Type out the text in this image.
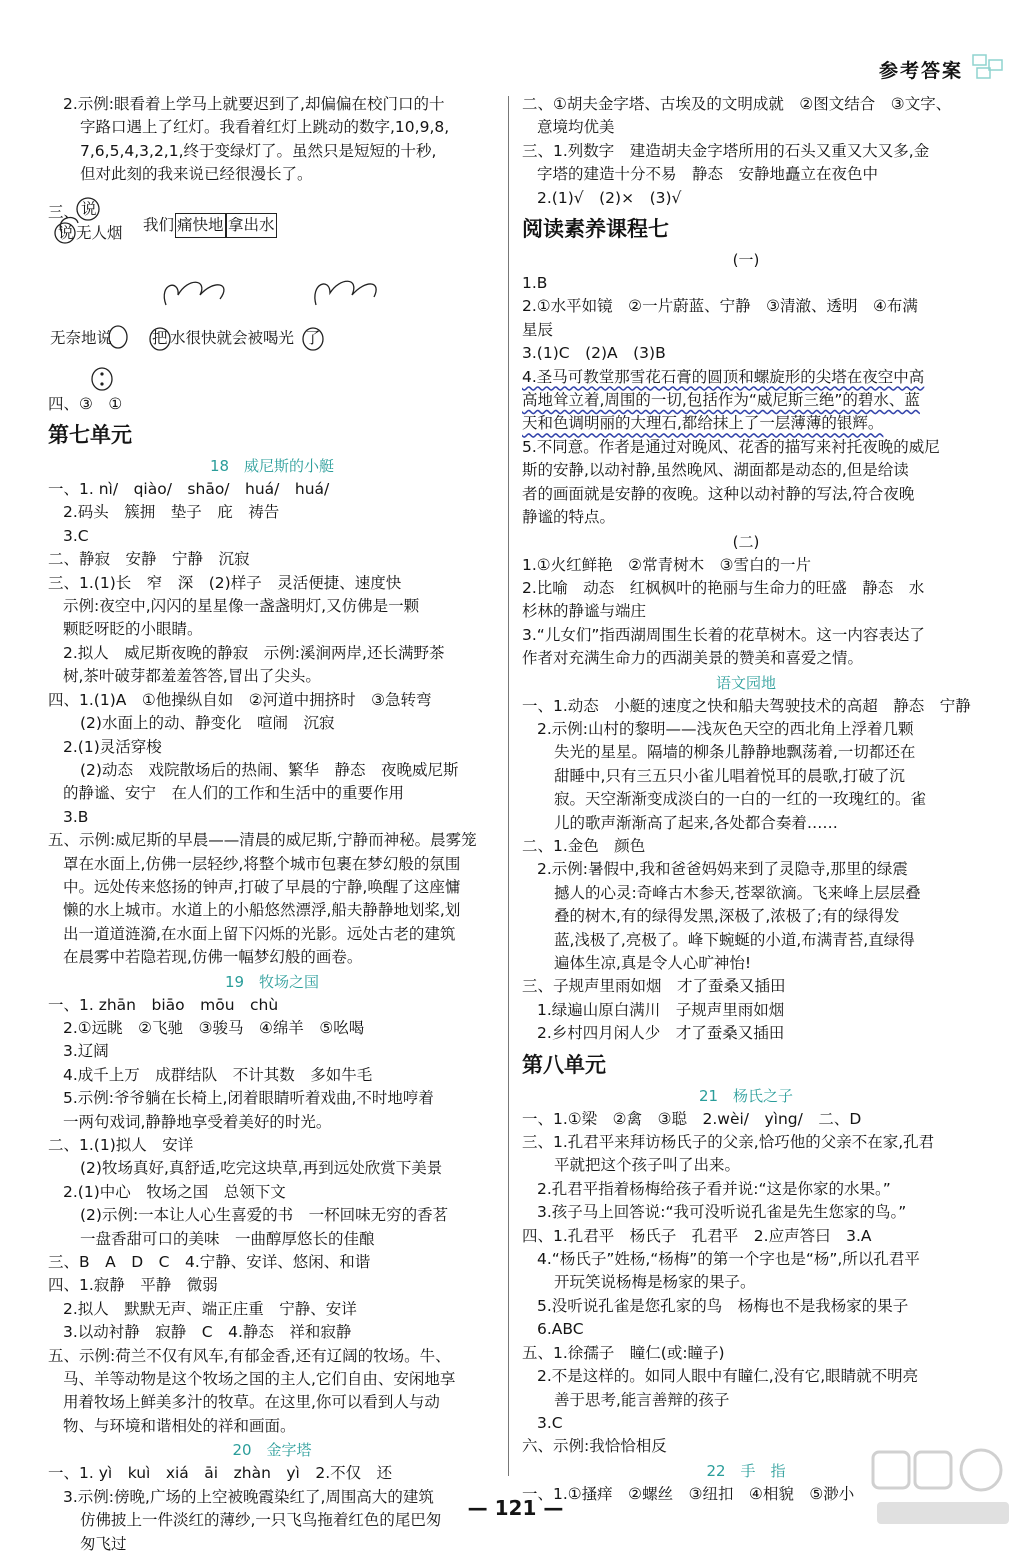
参考答案

2.示例:眼看着上学马上就要迟到了,却偏偏在校门口的十

字路口遇上了红灯。我看着红灯上跳动的数字,10,9,8,

7,6,5,4,3,2,1,终于变绿灯了。虽然只是短短的十秒,

但对此刻的我来说已经很漫长了。

三、 说
说 无人烟 我们 痛快地 拿出水
无奈地说	把 水很快就会被喝光 了

四、③　①

第七单元
18　威尼斯的小艇

一、1. nì/　qiào/　shāo/　huá/　huá/

2.码头　簇拥　垫子　庇　祷告

3.C

二、静寂　安静　宁静　沉寂

三、1.(1)长　窄　深　(2)样子　灵活便捷、速度快

示例:夜空中,闪闪的星星像一盏盏明灯,又仿佛是一颗

颗眨呀眨的小眼睛。

2.拟人　威尼斯夜晚的静寂　示例:溪涧两岸,还长满野茶

树,茶叶破芽都羞羞答答,冒出了尖头。

四、1.(1)A　①他操纵自如　②河道中拥挤时　③急转弯

(2)水面上的动、静变化　喧闹　沉寂

2.(1)灵活穿梭

(2)动态　戏院散场后的热闹、繁华　静态　夜晚威尼斯

的静谧、安宁　在人们的工作和生活中的重要作用

3.B

五、示例:威尼斯的早晨——清晨的威尼斯,宁静而神秘。晨雾笼

罩在水面上,仿佛一层轻纱,将整个城市包裹在梦幻般的氛围

中。远处传来悠扬的钟声,打破了早晨的宁静,唤醒了这座慵

懒的水上城市。水道上的小船悠然漂浮,船夫静静地划桨,划

出一道道涟漪,在水面上留下闪烁的光影。远处古老的建筑

在晨雾中若隐若现,仿佛一幅梦幻般的画卷。

19　牧场之国

一、1. zhān　biāo　mōu　chù

2.①远眺　②飞驰　③骏马　④绵羊　⑤吆喝

3.辽阔

4.成千上万　成群结队　不计其数　多如牛毛

5.示例:爷爷躺在长椅上,闭着眼睛听着戏曲,不时地哼着

一两句戏词,静静地享受着美好的时光。

二、1.(1)拟人　安详

(2)牧场真好,真舒适,吃完这块草,再到远处欣赏下美景

2.(1)中心　牧场之国　总领下文

(2)示例:一本让人心生喜爱的书　一杯回味无穷的香茗

一盘香甜可口的美味　一曲醇厚悠长的佳酿

三、B　A　D　C　4.宁静、安详、悠闲、和谐

四、1.寂静　平静　微弱

2.拟人　默默无声、端正庄重　宁静、安详

3.以动衬静　寂静　C　4.静态　祥和寂静

五、示例:荷兰不仅有风车,有郁金香,还有辽阔的牧场。牛、

马、羊等动物是这个牧场之国的主人,它们自由、安闲地享

用着牧场上鲜美多汁的牧草。在这里,你可以看到人与动

物、与环境和谐相处的祥和画面。

20　金字塔

一、1. yì　kuì　xiá　āi　zhàn　yì　2.不仅　还

3.示例:傍晚,广场的上空被晚霞染红了,周围高大的建筑

仿佛披上一件淡红的薄纱,一只飞鸟拖着红色的尾巴匆

匆飞过

二、①胡夫金字塔、古埃及的文明成就　②图文结合　③文字、

意境均优美

三、1.列数字　建造胡夫金字塔所用的石头又重又大又多,金

字塔的建造十分不易　静态　安静地矗立在夜色中

2.(1)√　(2)×　(3)√

阅读素养课程七
(一)

1.B

2.①水平如镜　②一片蔚蓝、宁静　③清澈、透明　④布满

星辰

3.(1)C　(2)A　(3)B

4.圣马可教堂那雪花石膏的圆顶和螺旋形的尖塔在夜空中高

高地耸立着,周围的一切,包括作为“威尼斯三绝”的碧水、蓝

天和色调明丽的大理石,都给抹上了一层薄薄的银辉。

5.不同意。作者是通过对晚风、花香的描写来衬托夜晚的威尼

斯的安静,以动衬静,虽然晚风、湖面都是动态的,但是给读

者的画面就是安静的夜晚。这种以动衬静的写法,符合夜晚

静谧的特点。

(二)

1.①火红鲜艳　②常青树木　③雪白的一片

2.比喻　动态　红枫枫叶的艳丽与生命力的旺盛　静态　水

杉林的静谧与端庄

3.“儿女们”指西湖周围生长着的花草树木。这一内容表达了

作者对充满生命力的西湖美景的赞美和喜爱之情。

语文园地

一、1.动态　小艇的速度之快和船夫驾驶技术的高超　静态　宁静

2.示例:山村的黎明——浅灰色天空的西北角上浮着几颗

失光的星星。隔墙的柳条儿静静地飘荡着,一切都还在

甜睡中,只有三五只小雀儿唱着悦耳的晨歌,打破了沉

寂。天空渐渐变成淡白的一白的一红的一玫瑰红的。雀

儿的歌声渐渐高了起来,各处都合奏着……

二、1.金色　颜色

2.示例:暑假中,我和爸爸妈妈来到了灵隐寺,那里的绿震

撼人的心灵:奇峰古木参天,苍翠欲滴。飞来峰上层层叠

叠的树木,有的绿得发黑,深极了,浓极了;有的绿得发

蓝,浅极了,亮极了。峰下蜿蜒的小道,布满青苔,直绿得

遍体生凉,真是令人心旷神怡!

三、子规声里雨如烟　才了蚕桑又插田

1.绿遍山原白满川　子规声里雨如烟

2.乡村四月闲人少　才了蚕桑又插田

第八单元
21　杨氏之子

一、1.①梁　②禽　③聪　2.wèi/　yìng/　二、D

三、1.孔君平来拜访杨氏子的父亲,恰巧他的父亲不在家,孔君

平就把这个孩子叫了出来。

2.孔君平指着杨梅给孩子看并说:“这是你家的水果。”

3.孩子马上回答说:“我可没听说孔雀是先生您家的鸟。”

四、1.孔君平　杨氏子　孔君平　2.应声答曰　3.A

4.“杨氏子”姓杨,“杨梅”的第一个字也是“杨”,所以孔君平

开玩笑说杨梅是杨家的果子。

5.没听说孔雀是您孔家的鸟　杨梅也不是我杨家的果子

6.ABC

五、1.徐孺子　瞳仁(或:瞳子)

2.不是这样的。如同人眼中有瞳仁,没有它,眼睛就不明亮

善于思考,能言善辩的孩子

3.C

六、示例:我恰恰相反

22　手　指

一、1.①搔痒　②螺丝　③纽扣　④相貌　⑤渺小

— 121 —
